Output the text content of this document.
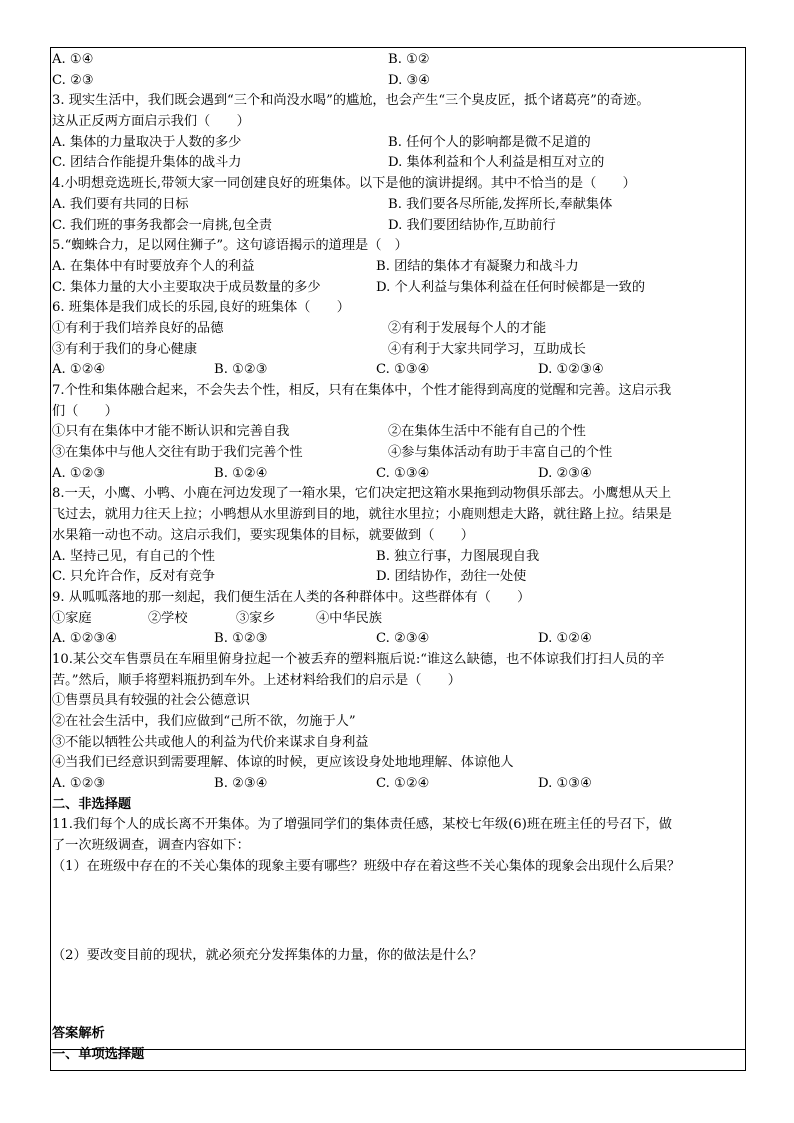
A. ①④	B. ①②
C. ②③	D. ③④
3. 现实生活中，我们既会遇到“三个和尚没水喝”的尴尬，也会产生“三个臭皮匠，抵个诸葛亮”的奇迹。
这从正反两方面启示我们（　　）
A. 集体的力量取决于人数的多少	B. 任何个人的影响都是微不足道的
C. 团结合作能提升集体的战斗力	D. 集体利益和个人利益是相互对立的
4.小明想竞选班长,带领大家一同创建良好的班集体。以下是他的演讲提纲。其中不恰当的是（　　）
A. 我们要有共同的日标	B. 我们要各尽所能,发挥所长,奉献集体
C. 我们班的事务我都会一肩挑,包全责	D. 我们要团结协作,互助前行
5.“蜘蛛合力，足以网住狮子”。这句谚语揭示的道理是（　）
A. 在集体中有时要放弃个人的利益	B. 团结的集体才有凝聚力和战斗力
C. 集体力量的大小主要取决于成员数量的多少	D. 个人利益与集体利益在任何时候都是一致的
6. 班集体是我们成长的乐园,良好的班集体（　　）
①有利于我们培养良好的品德	②有利于发展每个人的才能
③有利于我们的身心健康	④有利于大家共同学习，互助成长
A. ①②④	B. ①②③	C. ①③④	D. ①②③④
7.个性和集体融合起来，不会失去个性，相反，只有在集体中，个性才能得到高度的觉醒和完善。这启示我
们（　　）
①只有在集体中才能不断认识和完善自我	②在集体生活中不能有自己的个性
③在集体中与他人交往有助于我们完善个性	④参与集体活动有助于丰富自己的个性
A. ①②③	B. ①②④	C. ①③④	D. ②③④
8.一天，小鹰、小鸭、小鹿在河边发现了一箱水果，它们决定把这箱水果拖到动物俱乐部去。小鹰想从天上
飞过去，就用力往天上拉；小鸭想从水里游到目的地，就往水里拉；小鹿则想走大路，就往路上拉。结果是
水果箱一动也不动。这启示我们，要实现集体的目标，就要做到（　　）
A. 坚持己见，有自己的个性	B. 独立行事，力图展现自我
C. 只允许合作，反对有竞争	D. 团结协作，劲往一处使
9. 从呱呱落地的那一刻起，我们便生活在人类的各种群体中。这些群体有（　　）
①家庭	②学校	③家乡	④中华民族
A. ①②③④	B. ①②③	C. ②③④	D. ①②④
10.某公交车售票员在车厢里俯身拉起一个被丢弃的塑料瓶后说:“谁这么缺德，也不体谅我们打扫人员的辛
苦。”然后，顺手将塑料瓶扔到车外。上述材料给我们的启示是（　　）
①售票员具有较强的社会公德意识
②在社会生活中，我们应做到“己所不欲，勿施于人”
③不能以牺牲公共或他人的利益为代价来谋求自身利益
④当我们已经意识到需要理解、体谅的时候，更应该设身处地地理解、体谅他人
A. ①②③	B. ②③④	C. ①②④	D. ①③④
二、非选择题
11.我们每个人的成长离不开集体。为了增强同学们的集体责任感，某校七年级(6)班在班主任的号召下，做
了一次班级调查，调查内容如下：
（1）在班级中存在的不关心集体的现象主要有哪些？班级中存在着这些不关心集体的现象会出现什么后果？
（2）要改变目前的现状，就必须充分发挥集体的力量，你的做法是什么？
答案解析
一、单项选择题
